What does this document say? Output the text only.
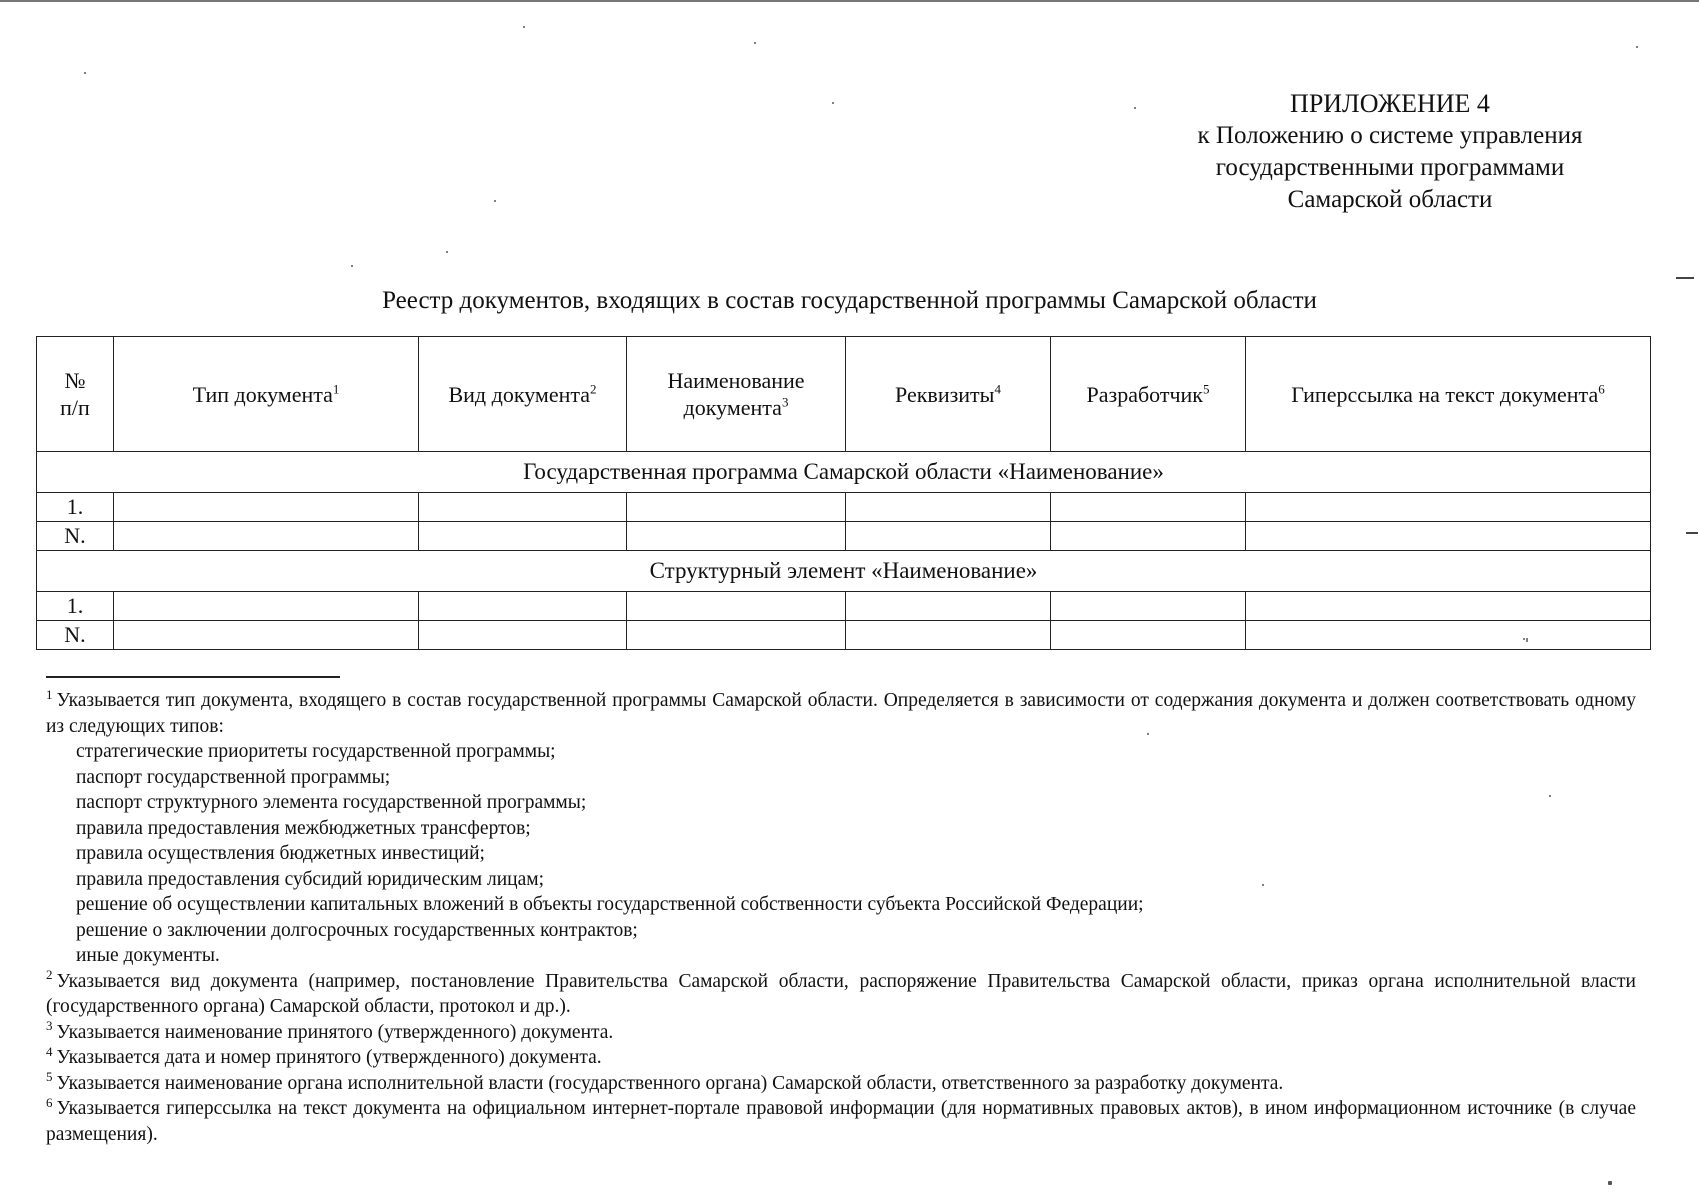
ПРИЛОЖЕНИЕ 4
к Положению о системе управления
государственными программами
Самарской области
Реестр документов, входящих в состав государственной программы Самарской области
№
п/п	Тип документа$^1$	Вид документа$^2$	Наименование документа$^3$	Реквизиты$^4$	Разработчик$^5$	Гиперссылка на текст документа$^6$
Государственная программа Самарской области «Наименование»						
1.						
N.						
Структурный элемент «Наименование»						
1.						
N.						

$^1$ Указывается тип документа, входящего в состав государственной программы Самарской области. Определяется в зависимости от содержания документа и должен соответствовать одному из следующих типов:

стратегические приоритеты государственной программы;
паспорт государственной программы;
паспорт структурного элемента государственной программы;
правила предоставления межбюджетных трансфертов;
правила осуществления бюджетных инвестиций;
правила предоставления субсидий юридическим лицам;
решение об осуществлении капитальных вложений в объекты государственной собственности субъекта Российской Федерации;
решение о заключении долгосрочных государственных контрактов;
иные документы.

$^2$ Указывается вид документа (например, постановление Правительства Самарской области, распоряжение Правительства Самарской области, приказ органа исполнительной власти (государственного органа) Самарской области, протокол и др.).

$^3$ Указывается наименование принятого (утвержденного) документа.

$^4$ Указывается дата и номер принятого (утвержденного) документа.

$^5$ Указывается наименование органа исполнительной власти (государственного органа) Самарской области, ответственного за разработку документа.

$^6$ Указывается гиперссылка на текст документа на официальном интернет-портале правовой информации (для нормативных правовых актов), в ином информационном источнике (в случае размещения).
